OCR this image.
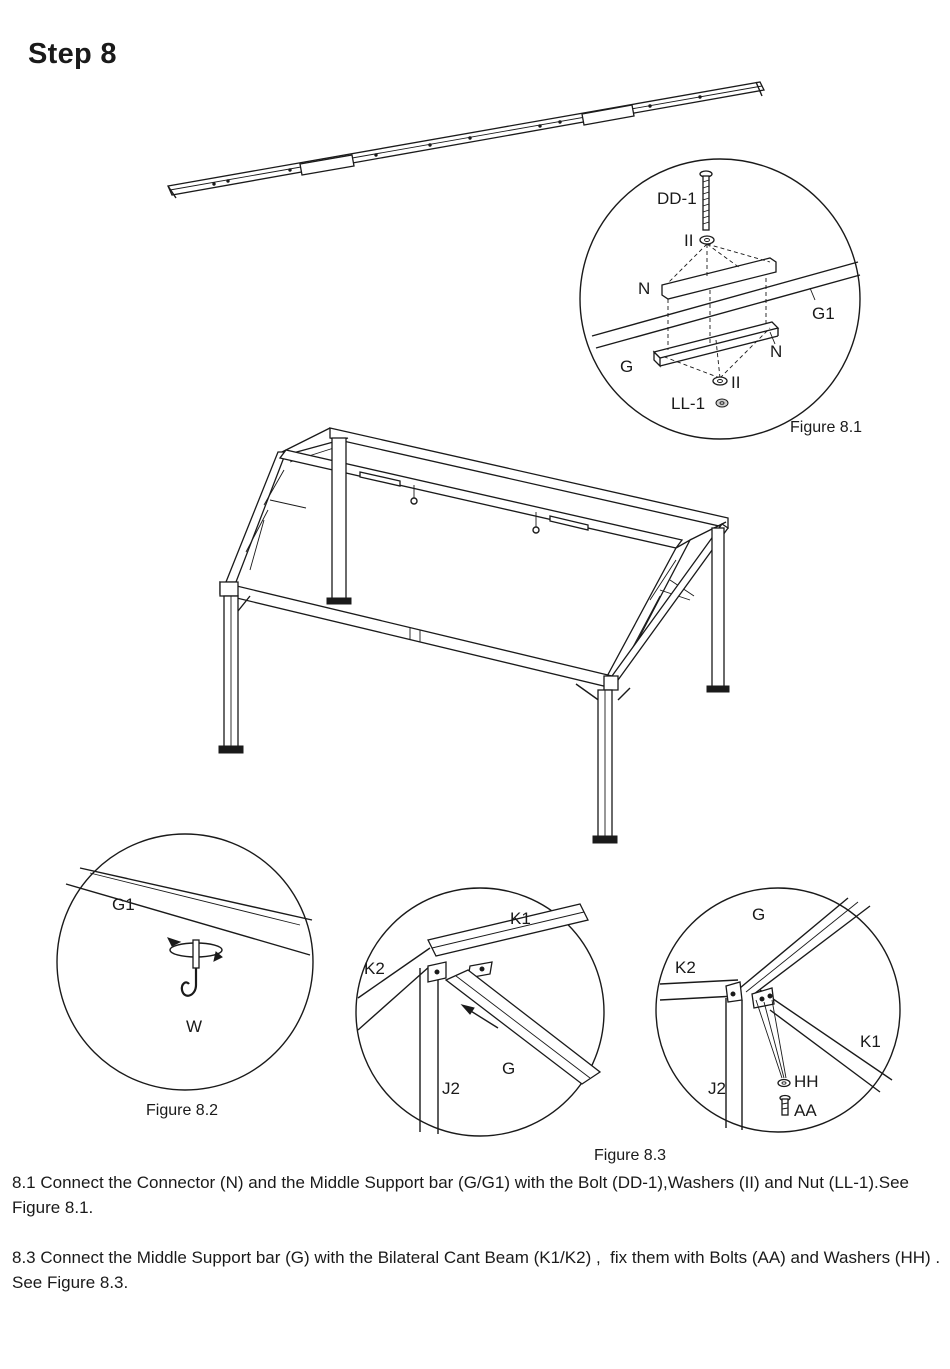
Step 8
DD-1
II
N
G1
N
G
II
LL-1
G1
W
K1
K2
G
J2
G
K2
K1
J2	HH
AA
Figure 8.1
Figure 8.2
Figure 8.3
8.1 Connect the Connector (N) and the Middle Support bar (G/G1) with the Bolt (DD-1),Washers (II) and Nut (LL-1).See Figure 8.1.
8.3 Connect the Middle Support bar (G) with the Bilateral Cant Beam (K1/K2) ,  fix them with Bolts (AA) and Washers (HH) . See Figure 8.3.
